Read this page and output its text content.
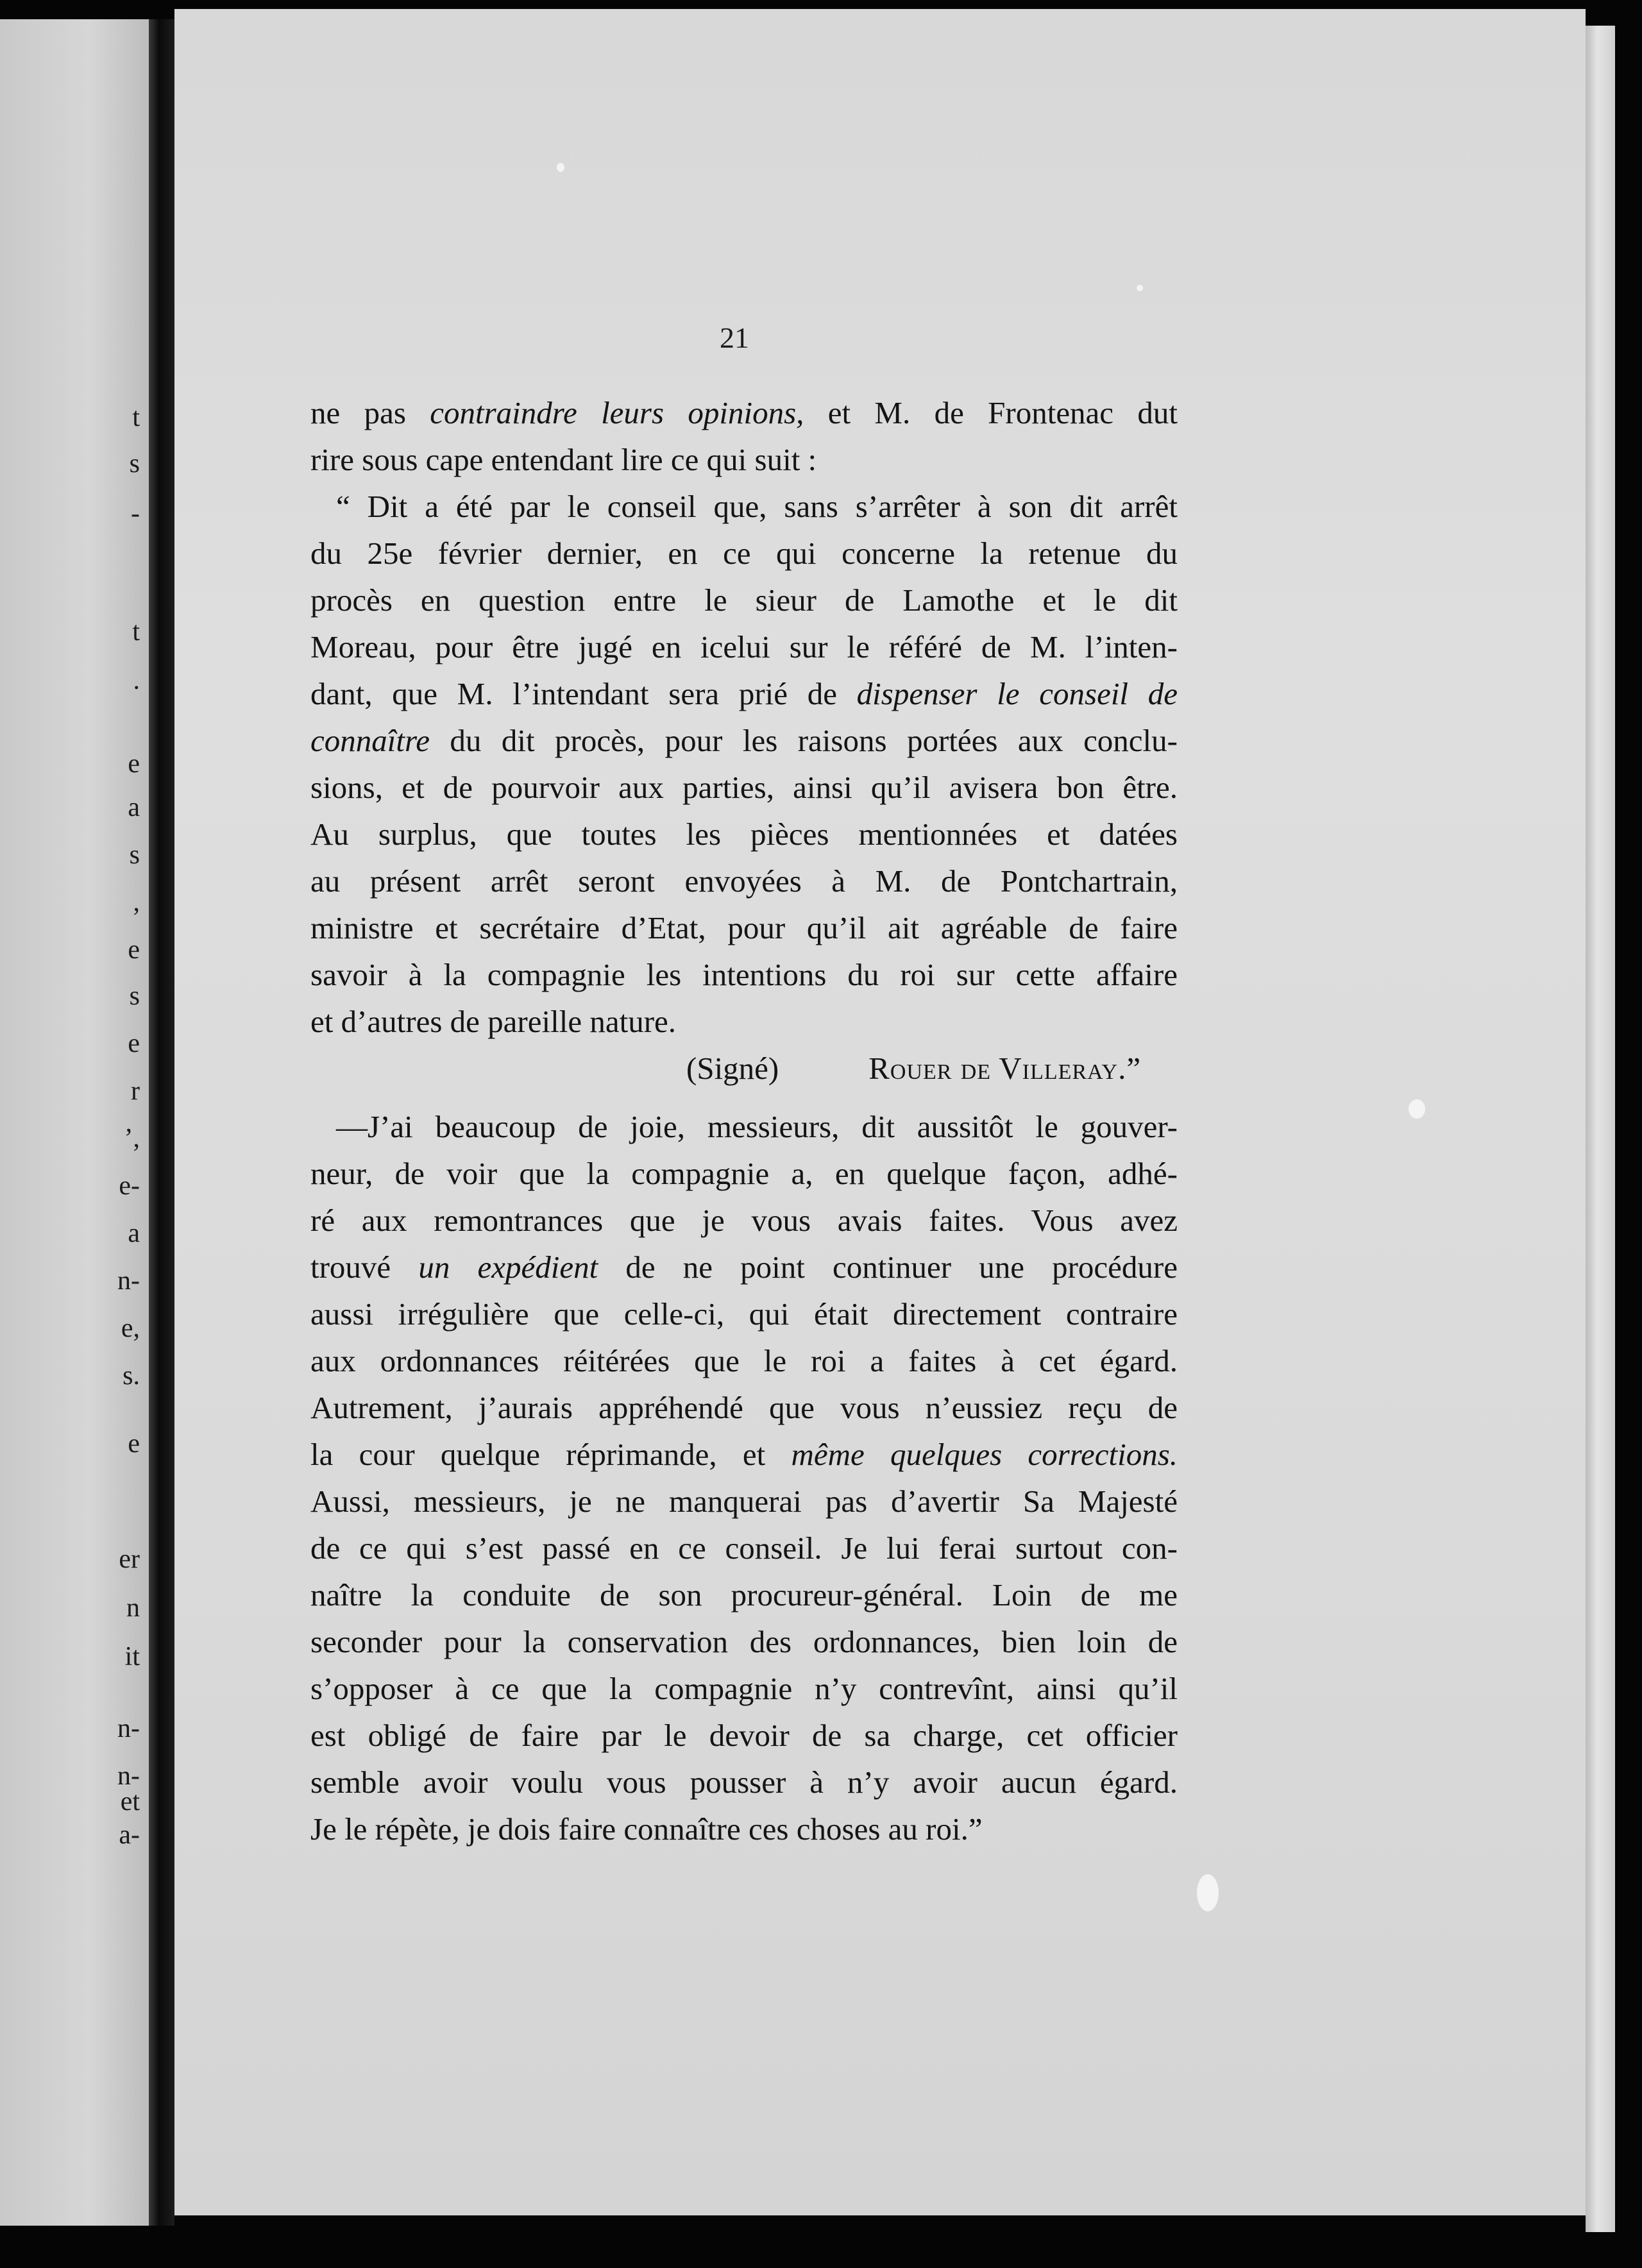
t
s
-
t
.
e
a
s
,
e
s
e
r
’,
e-
a
n-
e,
s.
e
er
n
it
n-
n-
et
a-
21
ne pas contraindre leurs opinions, et M. de Frontenac dut
rire sous cape entendant lire ce qui suit :
“ Dit a été par le conseil que, sans s’arrêter à son dit arrêt
du 25e février dernier, en ce qui concerne la retenue du
procès en question entre le sieur de Lamothe et le dit
Moreau, pour être jugé en icelui sur le référé de M. l’inten-
dant, que M. l’intendant sera prié de dispenser le conseil de
connaître du dit procès, pour les raisons portées aux conclu-
sions, et de pourvoir aux parties, ainsi qu’il avisera bon être.
Au surplus, que toutes les pièces mentionnées et datées
au présent arrêt seront envoyées à M. de Pontchartrain,
ministre et secrétaire d’Etat, pour qu’il ait agréable de faire
savoir à la compagnie les intentions du roi sur cette affaire
et d’autres de pareille nature.
(Signé)	Rouer de Villeray.”
—J’ai beaucoup de joie, messieurs, dit aussitôt le gouver-
neur, de voir que la compagnie a, en quelque façon, adhé-
ré aux remontrances que je vous avais faites. Vous avez
trouvé un expédient de ne point continuer une procédure
aussi irrégulière que celle-ci, qui était directement contraire
aux ordonnances réitérées que le roi a faites à cet égard.
Autrement, j’aurais appréhendé que vous n’eussiez reçu de
la cour quelque réprimande, et même quelques corrections.
Aussi, messieurs, je ne manquerai pas d’avertir Sa Majesté
de ce qui s’est passé en ce conseil. Je lui ferai surtout con-
naître la conduite de son procureur-général. Loin de me
seconder pour la conservation des ordonnances, bien loin de
s’opposer à ce que la compagnie n’y contrevînt, ainsi qu’il
est obligé de faire par le devoir de sa charge, cet officier
semble avoir voulu vous pousser à n’y avoir aucun égard.
Je le répète, je dois faire connaître ces choses au roi.”
